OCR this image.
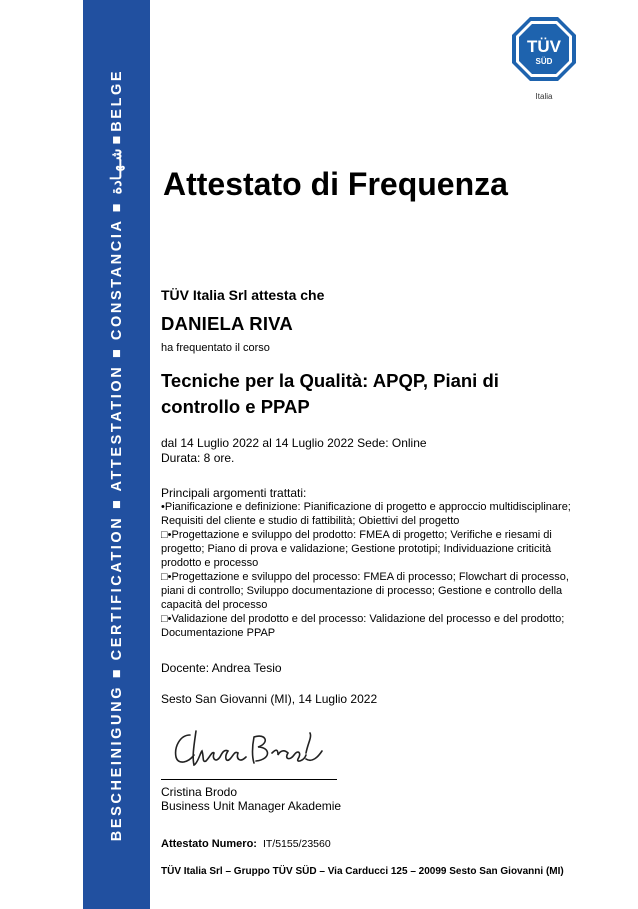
BESCHEINIGUNG ■ CERTIFICATION ■ ATTESTATION ■ CONSTANCIA ■ شـهـادة ■ BELGE
TÜV
SÜD
Italia
Attestato di Frequenza
TÜV Italia Srl attesta che
DANIELA RIVA
ha frequentato il corso
Tecniche per la Qualità: APQP, Piani di
controllo e PPAP
dal 14 Luglio 2022 al 14 Luglio 2022 Sede: Online
Durata: 8 ore.
Principali argomenti trattati:
•Pianificazione e definizione: Pianificazione di progetto e approccio multidisciplinare;
Requisiti del cliente e studio di fattibilità; Obiettivi del progetto
□•Progettazione e sviluppo del prodotto: FMEA di progetto; Verifiche e riesami di
progetto; Piano di prova e validazione; Gestione prototipi; Individuazione criticità
prodotto e processo
□•Progettazione e sviluppo del processo: FMEA di processo; Flowchart di processo,
piani di controllo; Sviluppo documentazione di processo; Gestione e controllo della
capacità del processo
□•Validazione del prodotto e del processo: Validazione del processo e del prodotto;
Documentazione PPAP
Docente: Andrea Tesio
Sesto San Giovanni (MI), 14 Luglio 2022
Cristina Brodo
Business Unit Manager Akademie
Attestato Numero: IT/5155/23560
TÜV Italia Srl – Gruppo TÜV SÜD – Via Carducci 125 – 20099 Sesto San Giovanni (MI)
